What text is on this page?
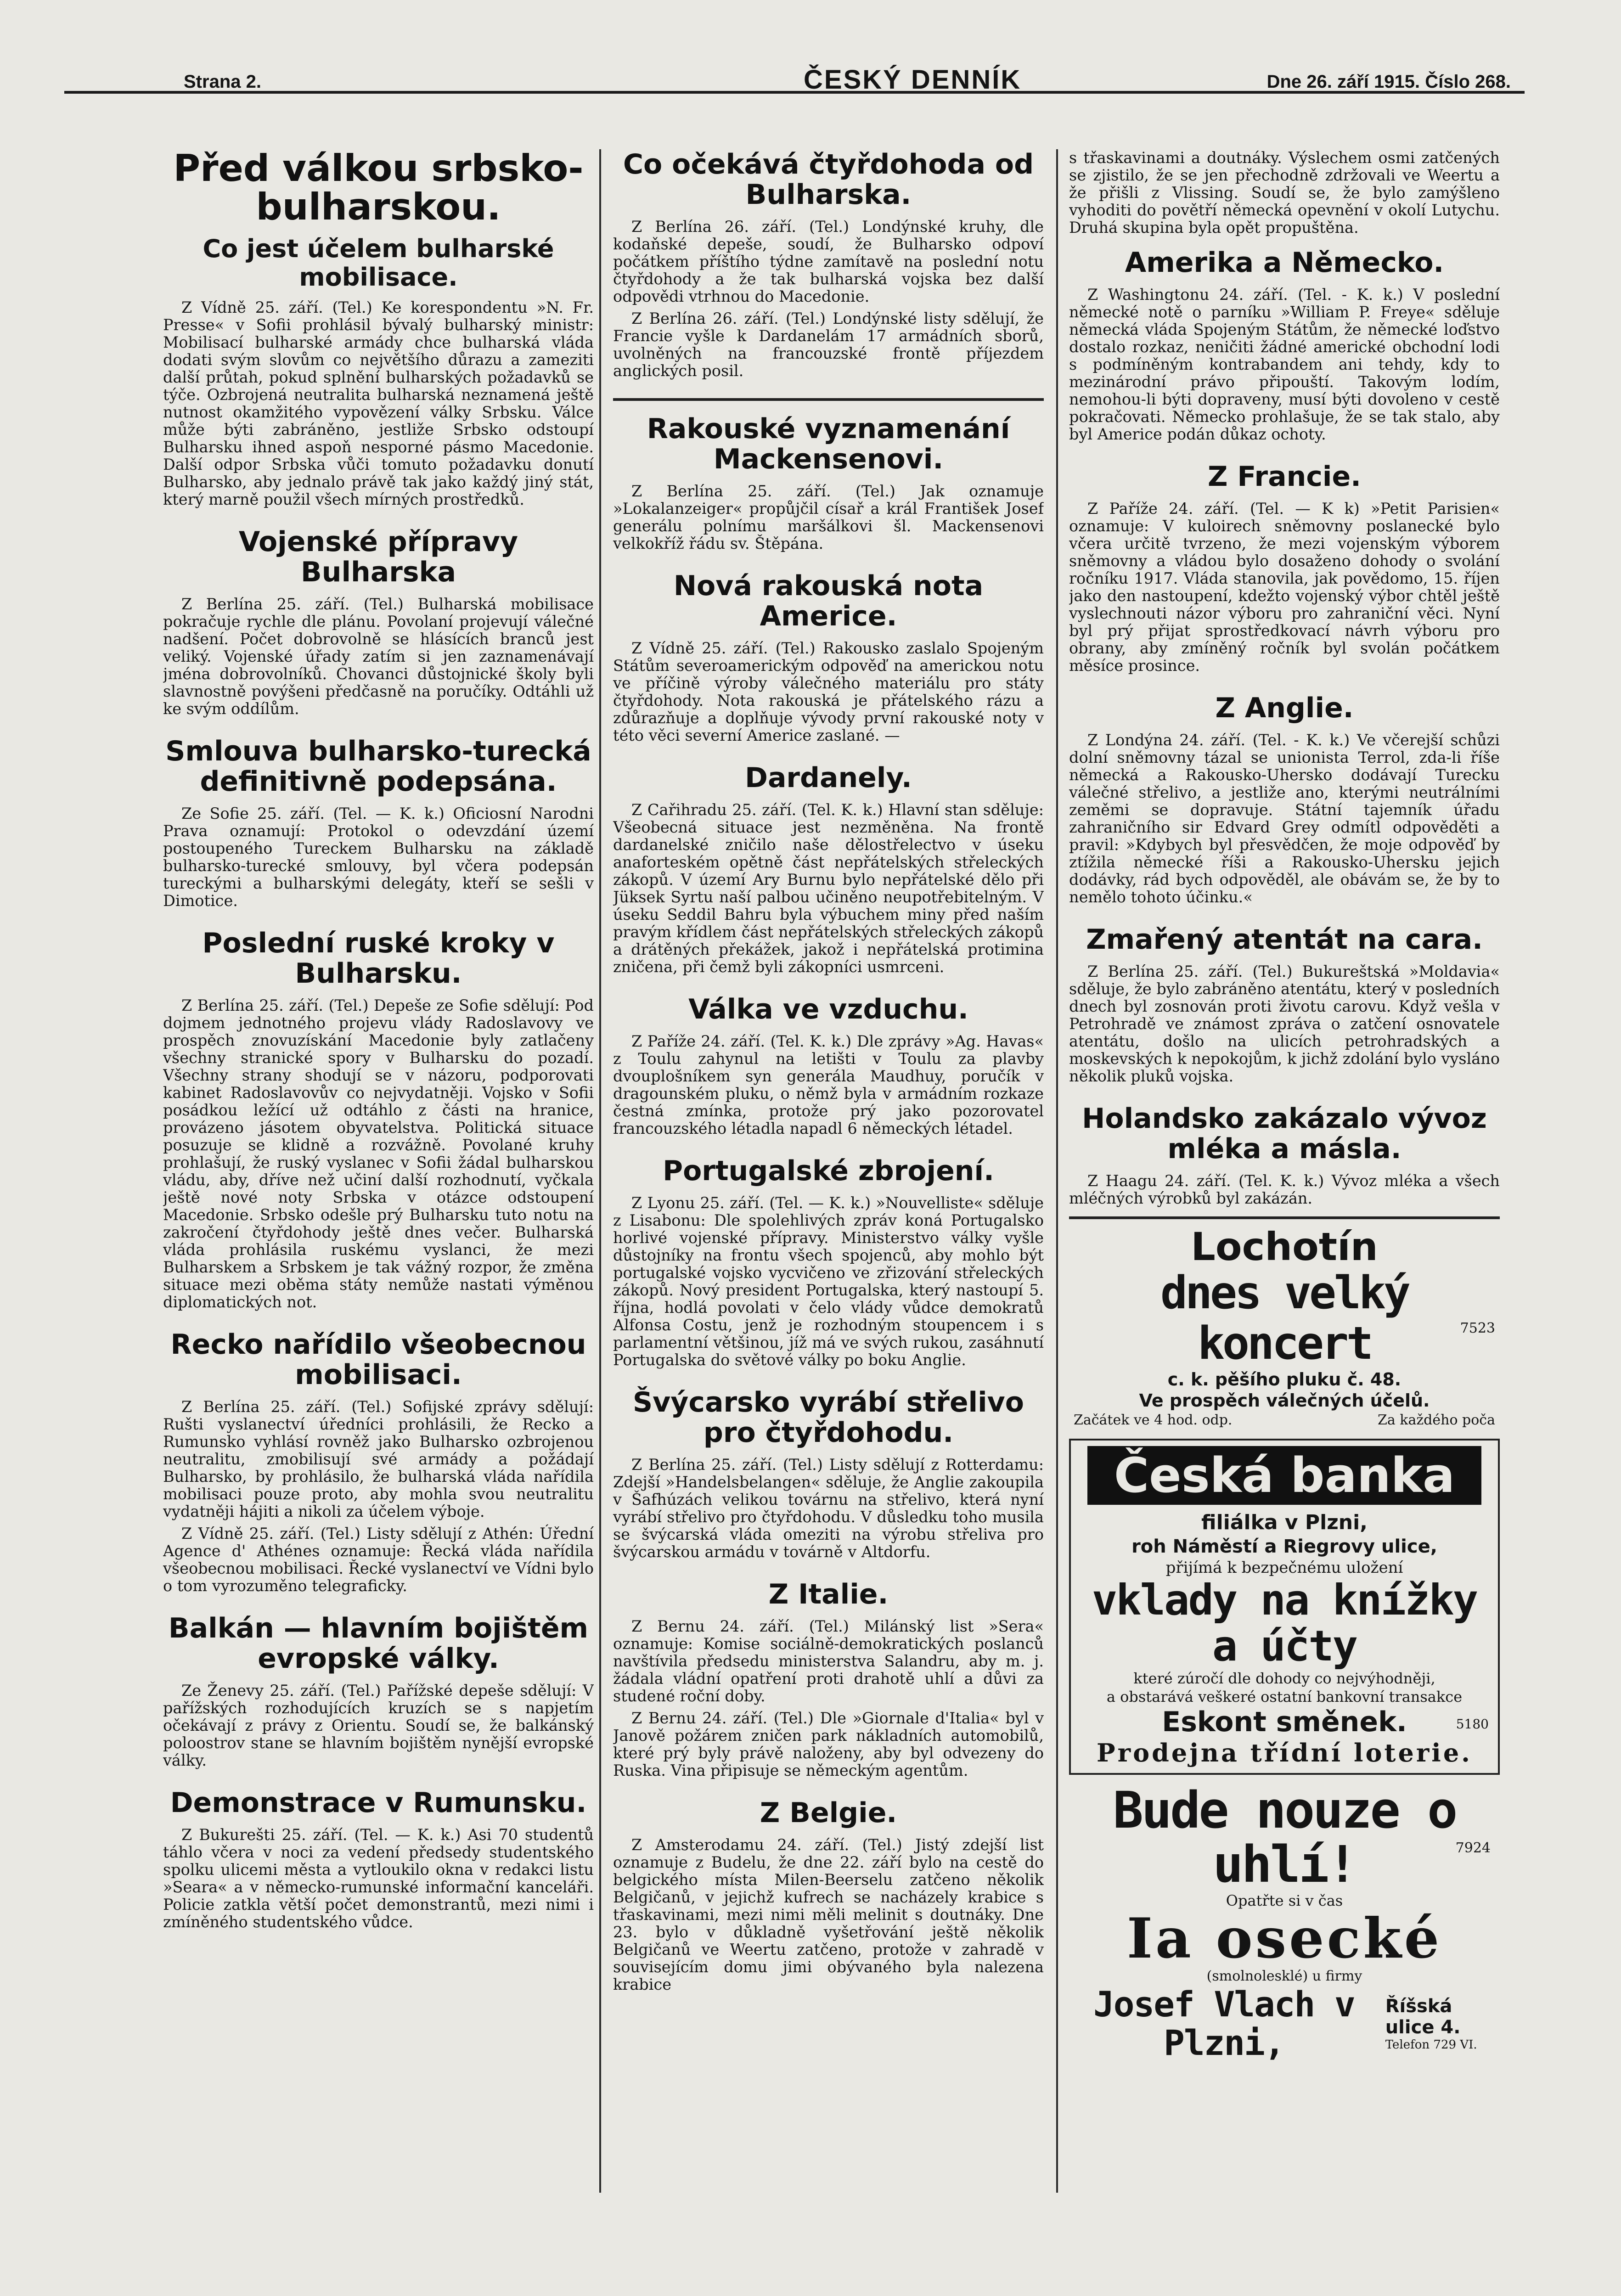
Strana 2.	ČESKÝ DENNÍK	Dne 26. září 1915. Číslo 268.
Před válkou srbsko-bulharskou.
Co jest účelem bulharské mobilisace.

Z Vídně 25. září. (Tel.) Ke korespondentu »N. Fr. Presse« v Sofii prohlásil bývalý bulharský ministr: Mobilisací bulharské armády chce bulharská vláda dodati svým slovům co největšího důrazu a zameziti další průtah, pokud splnění bulharských požadavků se týče. Ozbrojená neutralita bulharská neznamená ještě nutnost okamžitého vypovězení války Srbsku. Válce může býti zabráněno, jestliže Srbsko odstoupí Bulharsku ihned aspoň nesporné pásmo Macedonie. Další odpor Srbska vůči tomuto požadavku donutí Bulharsko, aby jednalo právě tak jako každý jiný stát, který marně použil všech mírných prostředků.

Vojenské přípravy Bulharska

Z Berlína 25. září. (Tel.) Bulharská mobilisace pokračuje rychle dle plánu. Povolaní projevují válečné nadšení. Počet dobrovolně se hlásících branců jest veliký. Vojenské úřady zatím si jen zaznamenávají jména dobrovolníků. Chovanci důstojnické školy byli slavnostně povýšeni předčasně na poručíky. Odtáhli už ke svým oddílům.

Smlouva bulharsko-turecká definitivně podepsána.

Ze Sofie 25. září. (Tel. — K. k.) Oficiosní Narodni Prava oznamují: Protokol o odevzdání území postoupeného Tureckem Bulharsku na základě bulharsko-turecké smlouvy, byl včera podepsán tureckými a bulharskými delegáty, kteří se sešli v Dimotice.

Poslední ruské kroky v Bulharsku.

Z Berlína 25. září. (Tel.) Depeše ze Sofie sdělují: Pod dojmem jednotného projevu vlády Radoslavovy ve prospěch znovuzískání Macedonie byly zatlačeny všechny stranické spory v Bulharsku do pozadí. Všechny strany shodují se v názoru, podporovati kabinet Radoslavovův co nejvydatněji. Vojsko v Sofii posádkou ležící už odtáhlo z části na hranice, provázeno jásotem obyvatelstva. Politická situace posuzuje se klidně a rozvážně. Povolané kruhy prohlašují, že ruský vyslanec v Sofii žádal bulharskou vládu, aby, dříve než učiní další rozhodnutí, vyčkala ještě nové noty Srbska v otázce odstoupení Macedonie. Srbsko odešle prý Bulharsku tuto notu na zakročení čtyřdohody ještě dnes večer. Bulharská vláda prohlásila ruskému vyslanci, že mezi Bulharskem a Srbskem je tak vážný rozpor, že změna situace mezi oběma státy nemůže nastati výměnou diplomatických not.

Recko nařídilo všeobecnou mobilisaci.

Z Berlína 25. září. (Tel.) Sofijské zprávy sdělují: Rušti vyslanectví úředníci prohlásili, že Recko a Rumunsko vyhlásí rovněž jako Bulharsko ozbrojenou neutralitu, zmobilisují své armády a požádají Bulharsko, by prohlásilo, že bulharská vláda nařídila mobilisaci pouze proto, aby mohla svou neutralitu vydatněji hájiti a nikoli za účelem výboje.

Z Vídně 25. září. (Tel.) Listy sdělují z Athén: Úřední Agence d' Athénes oznamuje: Řecká vláda nařídila všeobecnou mobilisaci. Řecké vyslanectví ve Vídni bylo o tom vyrozuměno telegraficky.

Balkán — hlavním bojištěm evropské války.

Ze Ženevy 25. září. (Tel.) Pařížské depeše sdělují: V pařížských rozhodujících kruzích se s napjetím očekávají z právy z Orientu. Soudí se, že balkánský poloostrov stane se hlavním bojištěm nynější evropské války.

Demonstrace v Rumunsku.

Z Bukurešti 25. září. (Tel. — K. k.) Asi 70 studentů táhlo včera v noci za vedení předsedy studentského spolku ulicemi města a vytloukilo okna v redakci listu »Seara« a v německo-rumunské informační kanceláři. Policie zatkla větší počet demonstrantů, mezi nimi i zmíněného studentského vůdce.

Co očekává čtyřdohoda od Bulharska.

Z Berlína 26. září. (Tel.) Londýnské kruhy, dle kodaňské depeše, soudí, že Bulharsko odpoví počátkem příštího týdne zamítavě na poslední notu čtyřdohody a že tak bulharská vojska bez další odpovědi vtrhnou do Macedonie.

Z Berlína 26. září. (Tel.) Londýnské listy sdělují, že Francie vyšle k Dardanelám 17 armádních sborů, uvolněných na francouzské frontě příjezdem anglických posil.

Rakouské vyznamenání Mackensenovi.

Z Berlína 25. září. (Tel.) Jak oznamuje »Lokalanzeiger« propůjčil císař a král František Josef generálu polnímu maršálkovi šl. Mackensenovi velkokříž řádu sv. Štěpána.

Nová rakouská nota Americe.

Z Vídně 25. září. (Tel.) Rakousko zaslalo Spojeným Státům severoamerickým odpověď na americkou notu ve příčině výroby válečného materiálu pro státy čtyřdohody. Nota rakouská je přátelského rázu a zdůrazňuje a doplňuje vývody první rakouské noty v této věci severní Americe zaslané. —

Dardanely.

Z Cařihradu 25. září. (Tel. K. k.) Hlavní stan sděluje: Všeobecná situace jest nezměněna. Na frontě dardanelské zničilo naše dělostřelectvo v úseku anaforteském opětně část nepřátelských střeleckých zákopů. V území Ary Burnu bylo nepřátelské dělo při Jüksek Syrtu naší palbou učiněno neupotřebitelným. V úseku Seddil Bahru byla výbuchem miny před naším pravým křídlem část nepřátelských střeleckých zákopů a drátěných překážek, jakož i nepřátelská protimina zničena, při čemž byli zákopníci usmrceni.

Válka ve vzduchu.

Z Paříže 24. září. (Tel. K. k.) Dle zprávy »Ag. Havas« z Toulu zahynul na letišti v Toulu za plavby dvouplošníkem syn generála Maudhuy, poručík v dragounském pluku, o němž byla v armádním rozkaze čestná zmínka, protože prý jako pozorovatel francouzského létadla napadl 6 německých létadel.

Portugalské zbrojení.

Z Lyonu 25. září. (Tel. — K. k.) »Nouvelliste« sděluje z Lisabonu: Dle spolehlivých zpráv koná Portugalsko horlivé vojenské přípravy. Ministerstvo války vyšle důstojníky na frontu všech spojenců, aby mohlo být portugalské vojsko vycvičeno ve zřizování střeleckých zákopů. Nový president Portugalska, který nastoupí 5. října, hodlá povolati v čelo vlády vůdce demokratů Alfonsa Costu, jenž je rozhodným stoupencem i s parlamentní většinou, jíž má ve svých rukou, zasáhnutí Portugalska do světové války po boku Anglie.

Švýcarsko vyrábí střelivo pro čtyřdohodu.

Z Berlína 25. září. (Tel.) Listy sdělují z Rotterdamu: Zdejší »Handelsbelangen« sděluje, že Anglie zakoupila v Šafhúzách velikou továrnu na střelivo, která nyní vyrábí střelivo pro čtyřdohodu. V důsledku toho musila se švýcarská vláda omeziti na výrobu střeliva pro švýcarskou armádu v továrně v Altdorfu.

Z Italie.

Z Bernu 24. září. (Tel.) Milánský list »Sera« oznamuje: Komise sociálně-demokratických poslanců navštívila předsedu ministerstva Salandru, aby m. j. žádala vládní opatření proti drahotě uhlí a důvi za studené roční doby.

Z Bernu 24. září. (Tel.) Dle »Giornale d'Italia« byl v Janově požárem zničen park nákladních automobilů, které prý byly právě naloženy, aby byl odvezeny do Ruska. Vina připisuje se německým agentům.

Z Belgie.

Z Amsterodamu 24. září. (Tel.) Jistý zdejší list oznamuje z Budelu, že dne 22. září bylo na cestě do belgického místa Milen-Beerselu zatčeno několik Belgičanů, v jejichž kufrech se nacházely krabice s třaskavinami, mezi nimi měli melinit s doutnáky. Dne 23. bylo v důkladně vyšetřování ještě několik Belgičanů ve Weertu zatčeno, protože v zahradě v souvisejícím domu jimi obývaného byla nalezena krabice

s třaskavinami a doutnáky. Výslechem osmi zatčených se zjistilo, že se jen přechodně zdržovali ve Weertu a že přišli z Vlissing. Soudí se, že bylo zamýšleno vyhoditi do povětří německá opevnění v okolí Lutychu. Druhá skupina byla opět propuštěna.

Amerika a Německo.

Z Washingtonu 24. září. (Tel. - K. k.) V poslední německé notě o parníku »William P. Freye« sděluje německá vláda Spojeným Státům, že německé loďstvo dostalo rozkaz, neničiti žádné americké obchodní lodi s podmíněným kontrabandem ani tehdy, kdy to mezinárodní právo připouští. Takovým lodím, nemohou-li býti dopraveny, musí býti dovoleno v cestě pokračovati. Německo prohlašuje, že se tak stalo, aby byl Americe podán důkaz ochoty.

Z Francie.

Z Paříže 24. září. (Tel. — K k) »Petit Parisien« oznamuje: V kuloirech sněmovny poslanecké bylo včera určitě tvrzeno, že mezi vojenským výborem sněmovny a vládou bylo dosaženo dohody o svolání ročníku 1917. Vláda stanovila, jak povědomo, 15. říjen jako den nastoupení, kdežto vojenský výbor chtěl ještě vyslechnouti názor výboru pro zahraniční věci. Nyní byl prý přijat sprostředkovací návrh výboru pro obrany, aby zmíněný ročník byl svolán počátkem měsíce prosince.

Z Anglie.

Z Londýna 24. září. (Tel. - K. k.) Ve včerejší schůzi dolní sněmovny tázal se unionista Terrol, zda-li říše německá a Rakousko-Uhersko dodávají Turecku válečné střelivo, a jestliže ano, kterými neutrálními zeměmi se dopravuje. Státní tajemník úřadu zahraničního sir Edvard Grey odmítl odpověděti a pravil: »Kdybych byl přesvědčen, že moje odpověď by ztížila německé říši a Rakousko-Uhersku jejich dodávky, rád bych odpověděl, ale obávám se, že by to nemělo tohoto účinku.«

Zmařený atentát na cara.

Z Berlína 25. září. (Tel.) Bukureštská »Moldavia« sděluje, že bylo zabráněno atentátu, který v posledních dnech byl zosnován proti životu carovu. Když vešla v Petrohradě ve známost zpráva o zatčení osnovatele atentátu, došlo na ulicích petrohradských a moskevských k nepokojům, k jichž zdolání bylo vysláno několik pluků vojska.

Holandsko zakázalo vývoz mléka a másla.

Z Haagu 24. září. (Tel. K. k.) Vývoz mléka a všech mléčných výrobků byl zakázán.

Lochotín
dnes velký koncert
c. k. pěšího pluku č. 48.
7523
Ve prospěch válečných účelů.
Začátek ve 4 hod. odp.	Za každého poča
Česká banka
filiálka v Plzni,
roh Náměstí a Riegrovy ulice,
přijímá k bezpečnému uložení
vklady na knížky a účty
které zúročí dle dohody co nejvýhodněji,
a obstarává veškeré ostatní bankovní transakce
Eskont směnek.	5180
Prodejna třídní loterie.
Bude nouze o uhlí!
Opatřte si v čas
7924
Ia osecké
(smolnolesklé) u firmy
Josef Vlach v Plzni,
Říšská ulice 4.
Telefon 729 VI.
